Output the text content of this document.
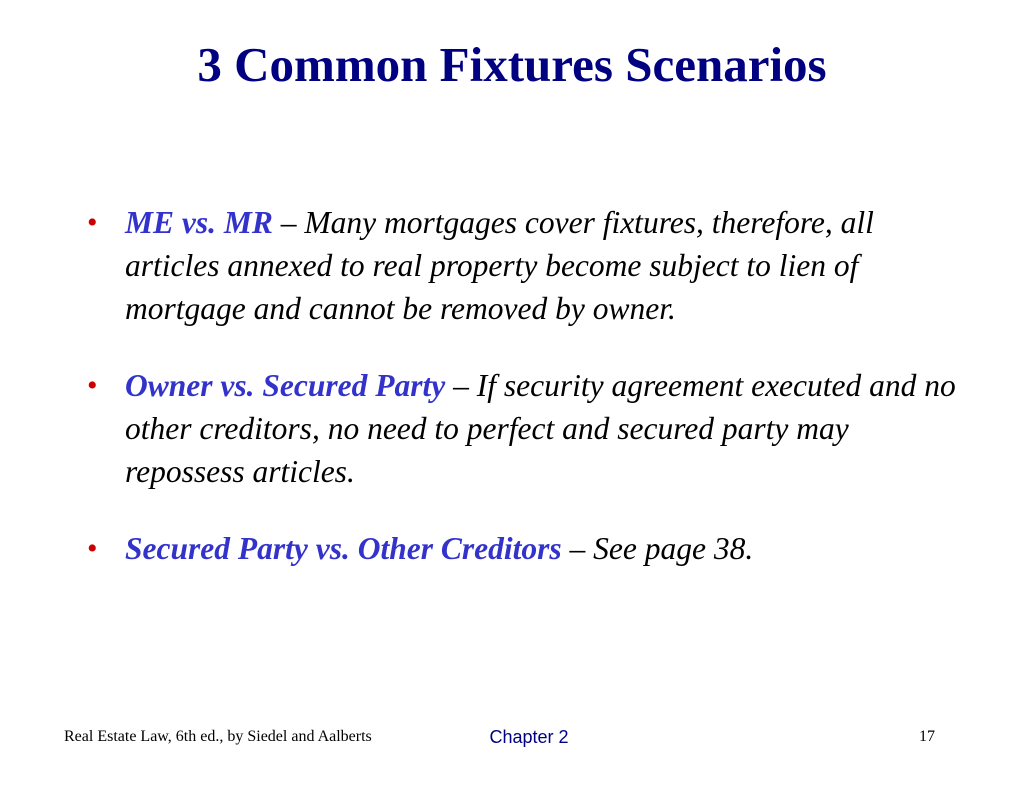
3 Common Fixtures Scenarios
• ME vs. MR – Many mortgages cover fixtures, therefore, all articles annexed to real property become subject to lien of mortgage and cannot be removed by owner.
• Owner vs. Secured Party – If security agreement executed and no other creditors, no need to perfect and secured party may repossess articles.
• Secured Party vs. Other Creditors – See page 38.
Real Estate Law, 6th ed., by Siedel and Aalberts	Chapter 2	17
